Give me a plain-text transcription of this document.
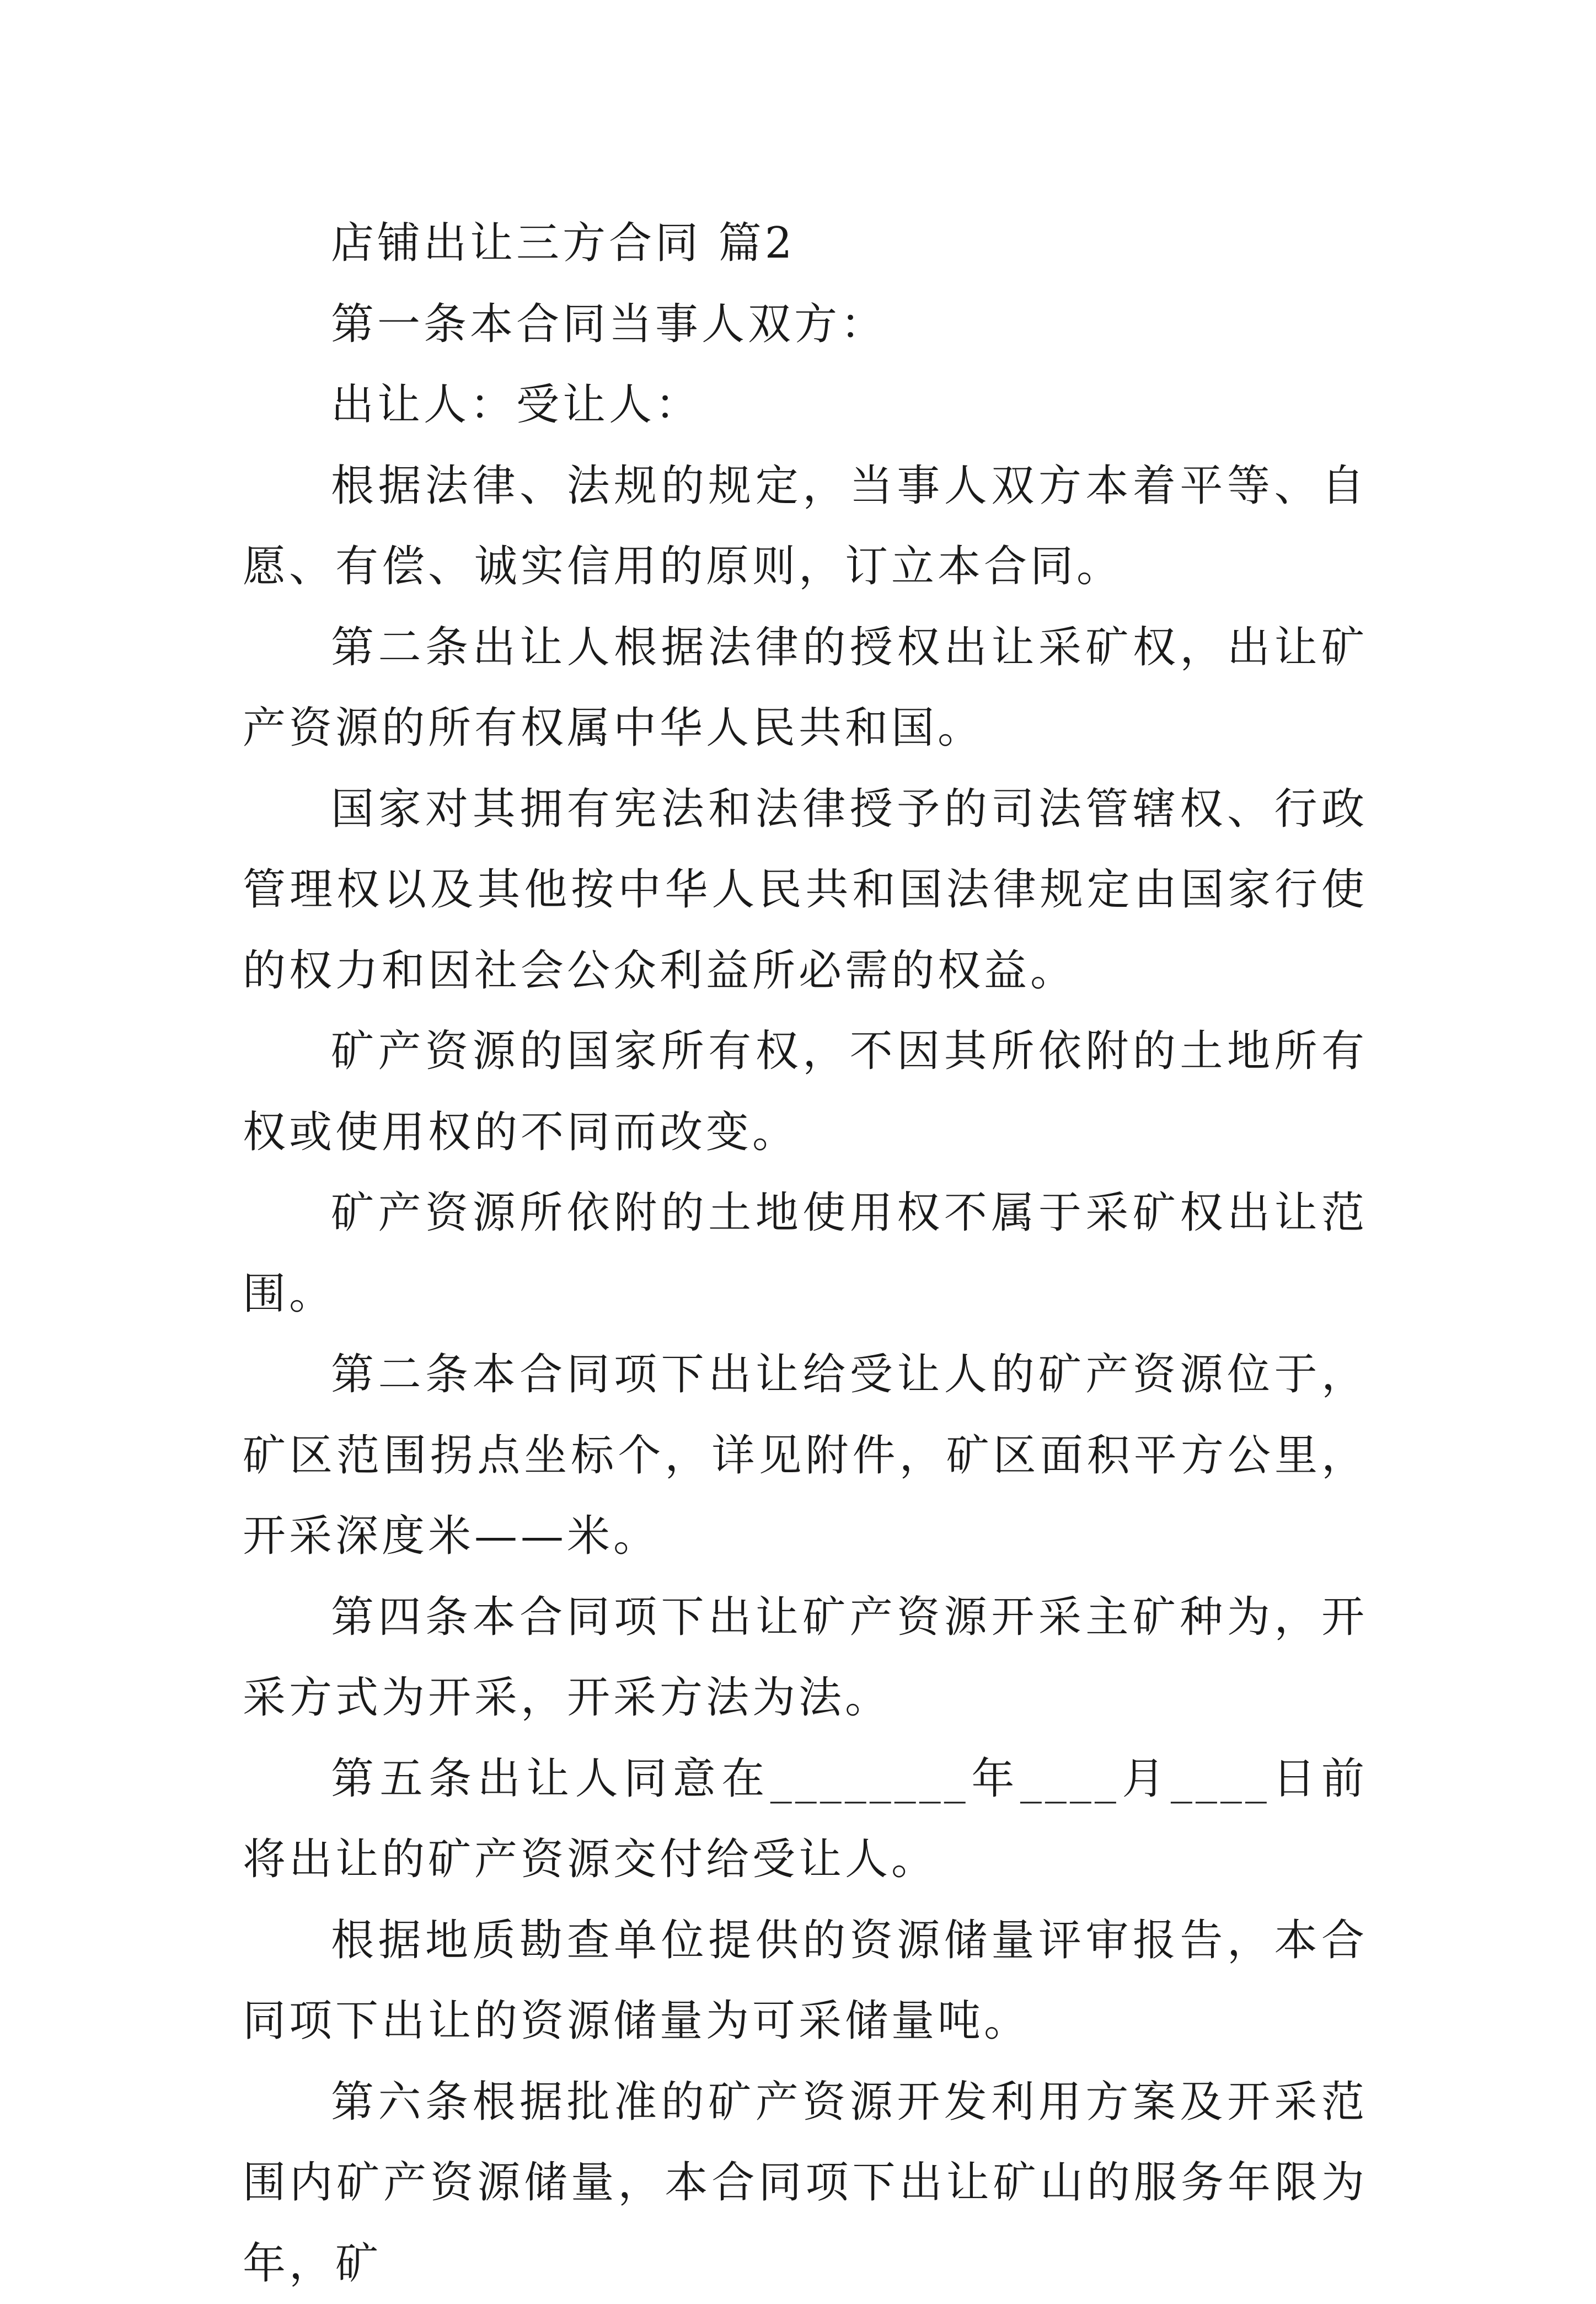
店铺出让三方合同 篇2

第一条本合同当事人双方：

出让人：受让人：

根据法律、法规的规定，当事人双方本着平等、自愿、有偿、诚实信用的原则，订立本合同。

第二条出让人根据法律的授权出让采矿权，出让矿产资源的所有权属中华人民共和国。

国家对其拥有宪法和法律授予的司法管辖权、行政管理权以及其他按中华人民共和国法律规定由国家行使的权力和因社会公众利益所必需的权益。

矿产资源的国家所有权，不因其所依附的土地所有权或使用权的不同而改变。

矿产资源所依附的土地使用权不属于采矿权出让范围。

第二条本合同项下出让给受让人的矿产资源位于，矿区范围拐点坐标个，详见附件，矿区面积平方公里，开采深度米——米。

第四条本合同项下出让矿产资源开采主矿种为，开采方式为开采，开采方法为法。

第五条出让人同意在________年____月____日前将出让的矿产资源交付给受让人。

根据地质勘查单位提供的资源储量评审报告，本合同项下出让的资源储量为可采储量吨。

第六条根据批准的矿产资源开发利用方案及开采范围内矿产资源储量，本合同项下出让矿山的服务年限为年，矿
